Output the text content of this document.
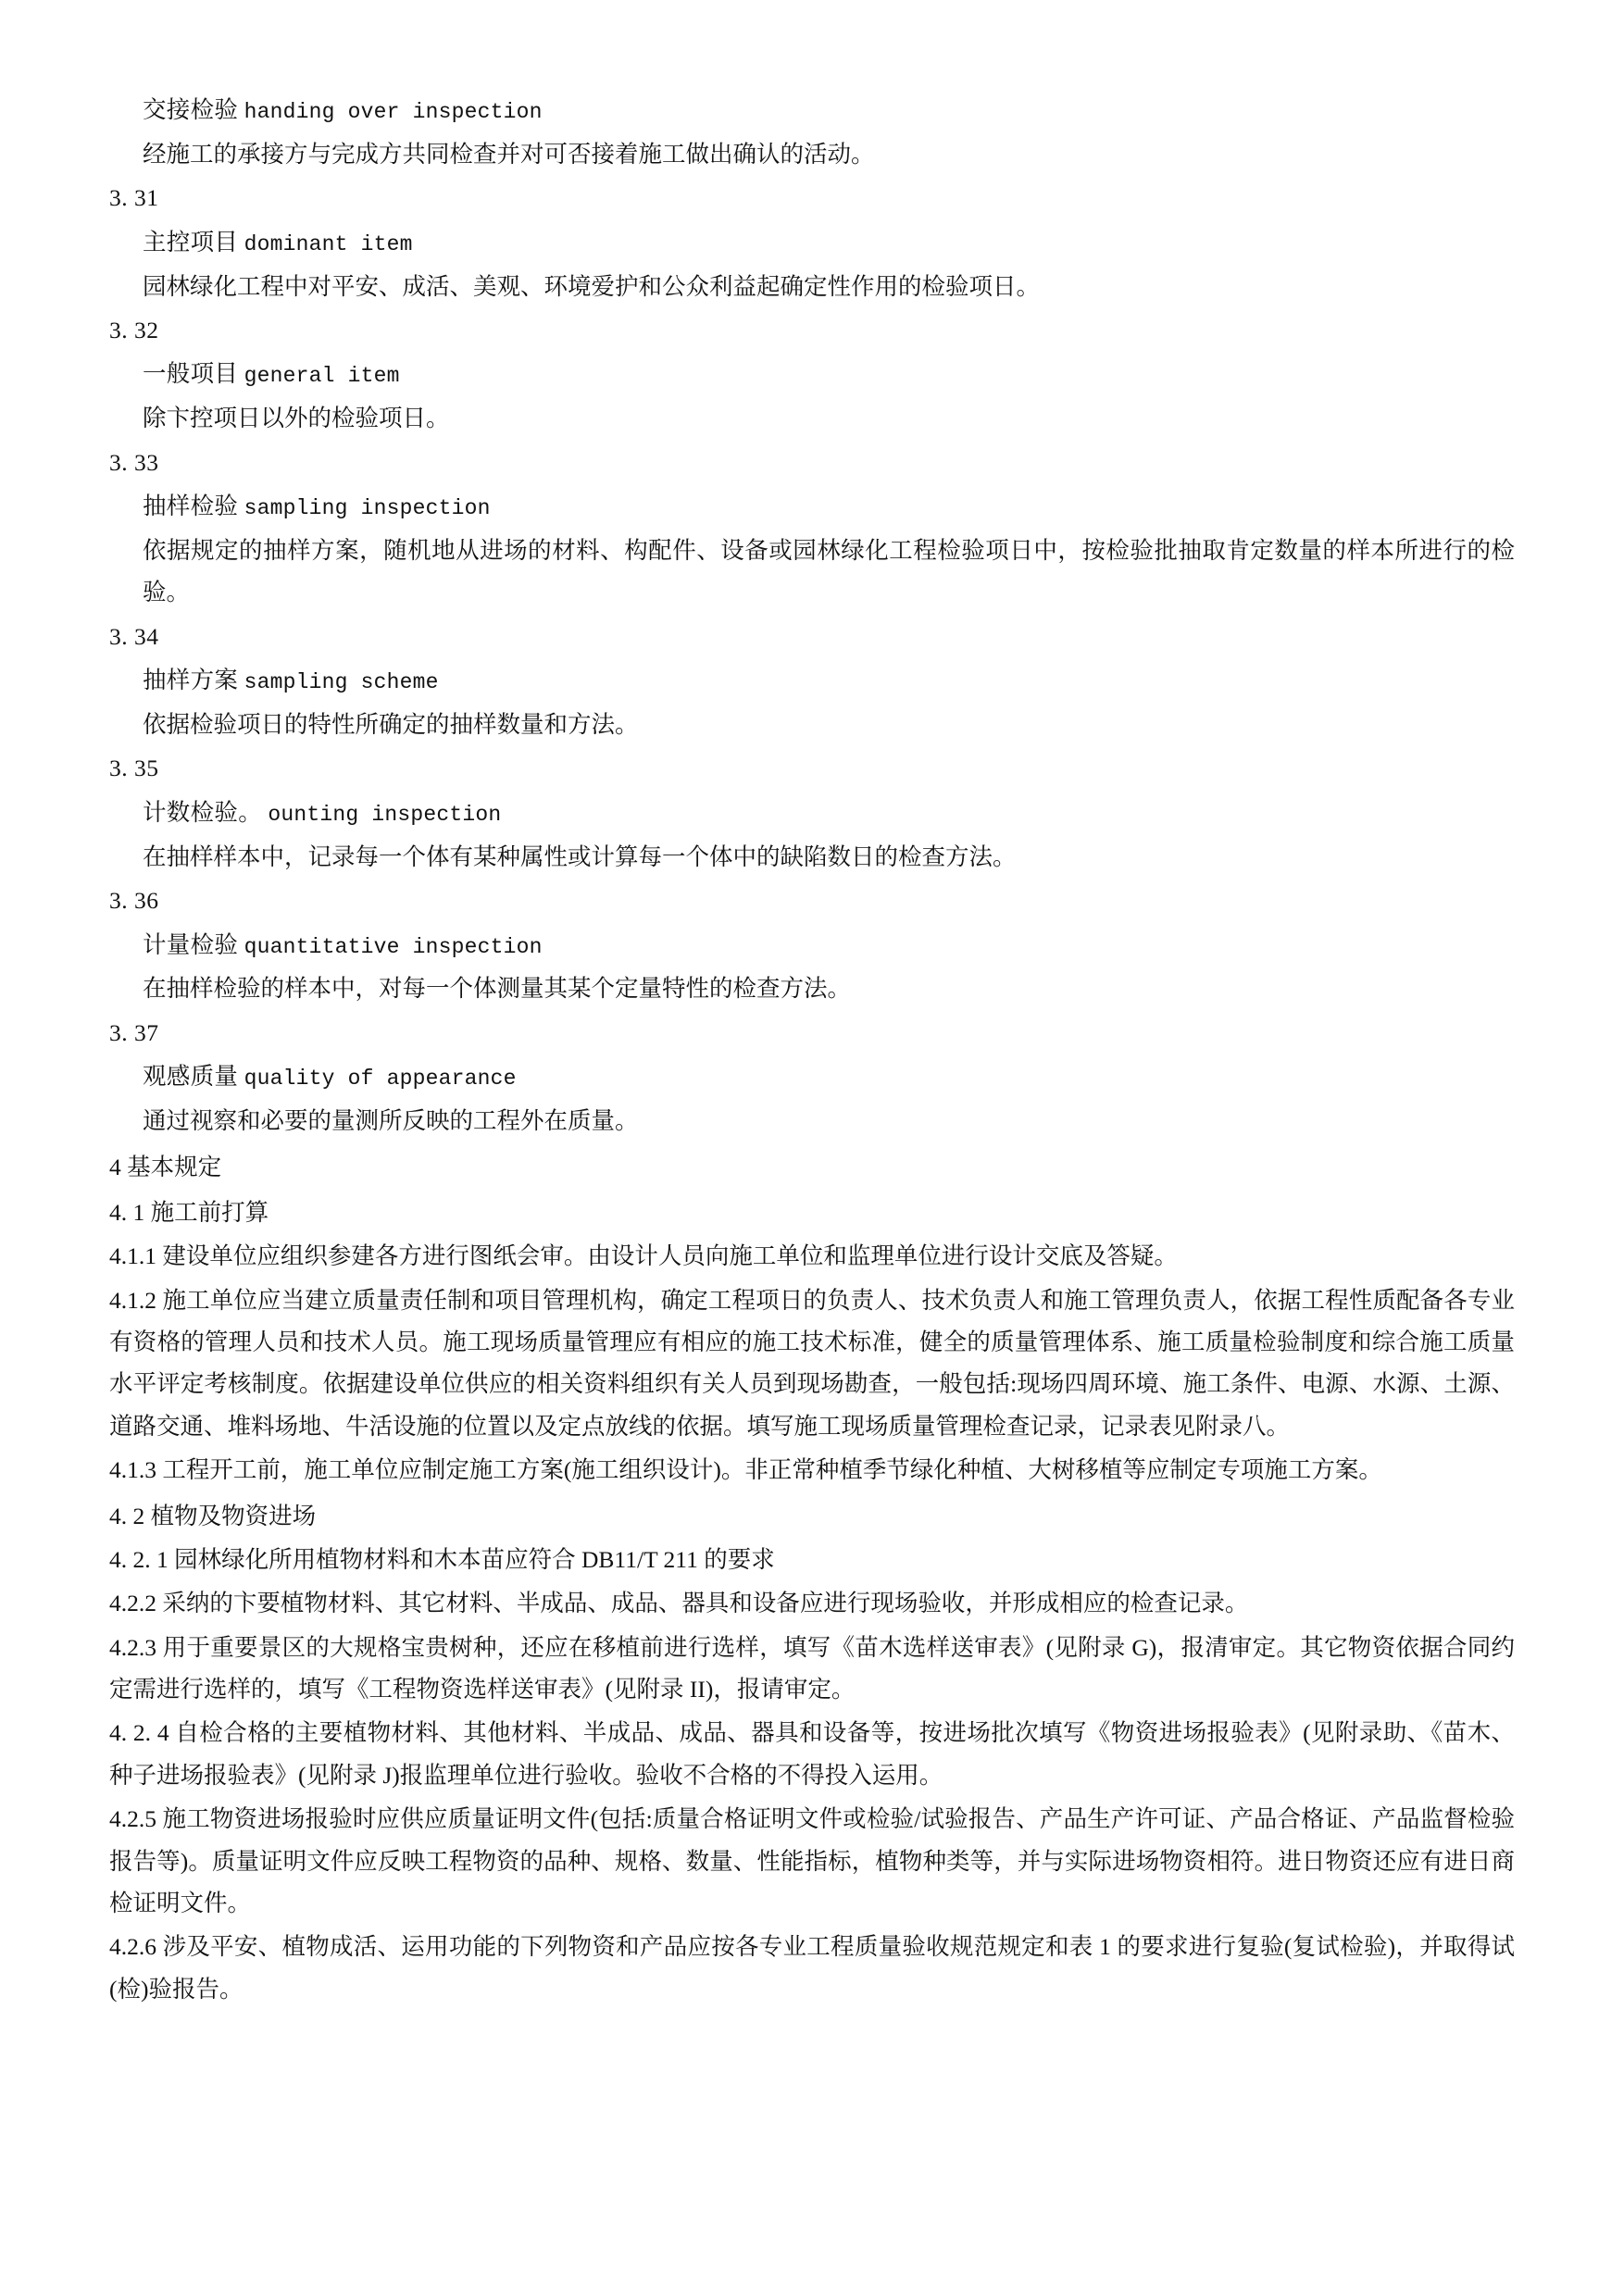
交接检验 handing over inspection
经施工的承接方与完成方共同检查并对可否接着施工做出确认的活动。
3. 31
主控项目 dominant item
园林绿化工程中对平安、成活、美观、环境爱护和公众利益起确定性作用的检验项日。
3. 32
一般项目 general item
除卞控项日以外的检验项日。
3. 33
抽样检验 sampling inspection
依据规定的抽样方案，随机地从进场的材料、构配件、设备或园林绿化工程检验项日中，按检验批抽取肯定数量的样本所进行的检验。
3. 34
抽样方案 sampling scheme
依据检验项日的特性所确定的抽样数量和方法。
3. 35
计数检验。 ounting inspection
在抽样样本中，记录每一个体有某种属性或计算每一个体中的缺陷数日的检查方法。
3. 36
计量检验 quantitative inspection
在抽样检验的样本中，对每一个体测量其某个定量特性的检查方法。
3. 37
观感质量 quality of appearance
通过视察和必要的量测所反映的工程外在质量。
4 基本规定
4. 1 施工前打算
4.1.1 建设单位应组织参建各方进行图纸会审。由设计人员向施工单位和监理单位进行设计交底及答疑。
4.1.2 施工单位应当建立质量责任制和项目管理机构，确定工程项日的负责人、技术负责人和施工管理负责人，依据工程性质配备各专业有资格的管理人员和技术人员。施工现场质量管理应有相应的施工技术标准，健全的质量管理体系、施工质量检验制度和综合施工质量水平评定考核制度。依据建设单位供应的相关资料组织有关人员到现场勘查，一般包括:现场四周环境、施工条件、电源、水源、土源、道路交通、堆料场地、牛活设施的位置以及定点放线的依据。填写施工现场质量管理检查记录，记录表见附录八。
4.1.3 工程开工前，施工单位应制定施工方案(施工组织设计)。非正常种植季节绿化种植、大树移植等应制定专项施工方案。
4. 2 植物及物资进场
4. 2. 1 园林绿化所用植物材料和木本苗应符合 DB11/T 211 的要求
4.2.2 采纳的卞要植物材料、其它材料、半成品、成品、器具和设备应进行现场验收，并形成相应的检查记录。
4.2.3 用于重要景区的大规格宝贵树种，还应在移植前进行选样，填写《苗木选样送审表》(见附录 G)，报清审定。其它物资依据合同约定需进行选样的，填写《工程物资选样送审表》(见附录 II)，报请审定。
4. 2. 4 自检合格的主要植物材料、其他材料、半成品、成品、器具和设备等，按进场批次填写《物资进场报验表》(见附录助、《苗木、种子进场报验表》(见附录 J)报监理单位进行验收。验收不合格的不得投入运用。
4.2.5 施工物资进场报验时应供应质量证明文件(包括:质量合格证明文件或检验/试验报告、产品生产许可证、产品合格证、产品监督检验报告等)。质量证明文件应反映工程物资的品种、规格、数量、性能指标，植物种类等，并与实际进场物资相符。进日物资还应有进日商检证明文件。
4.2.6 涉及平安、植物成活、运用功能的下列物资和产品应按各专业工程质量验收规范规定和表 1 的要求进行复验(复试检验)，并取得试(检)验报告。
